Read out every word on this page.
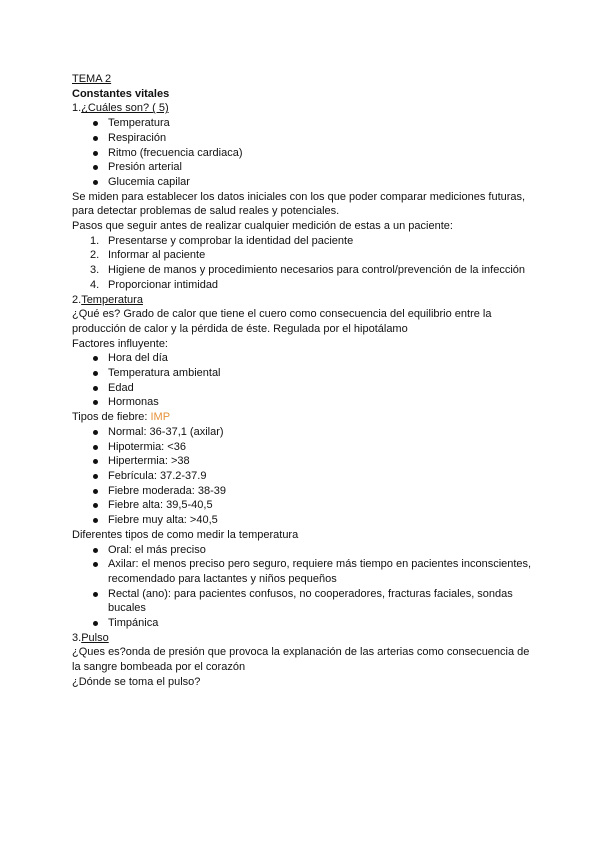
TEMA 2

Constantes vitales

1.¿Cuáles son? ( 5)

Temperatura
Respiración
Ritmo (frecuencia cardiaca)
Presión arterial
Glucemia capilar

Se miden para establecer los datos iniciales con los que poder comparar mediciones futuras, para detectar problemas de salud reales y potenciales.

Pasos que seguir antes de realizar cualquier medición de estas a un paciente:

1. Presentarse y comprobar la identidad del paciente
2. Informar al paciente
3. Higiene de manos y procedimiento necesarios para control/prevención de la infección
4. Proporcionar intimidad

2.Temperatura

¿Qué es? Grado de calor que tiene el cuero como consecuencia del equilibrio entre la producción de calor y la pérdida de éste. Regulada por el hipotálamo

Factores influyente:

Hora del día
Temperatura ambiental
Edad
Hormonas

Tipos de fiebre: IMP

Normal: 36-37,1 (axilar)
Hipotermia: <36
Hipertermia: >38
Febrícula: 37.2-37.9
Fiebre moderada: 38-39
Fiebre alta: 39,5-40,5
Fiebre muy alta: >40,5

Diferentes tipos de como medir la temperatura

Oral: el más preciso
Axilar: el menos preciso pero seguro, requiere más tiempo en pacientes inconscientes, recomendado para lactantes y niños pequeños
Rectal (ano): para pacientes confusos, no cooperadores, fracturas faciales, sondas bucales
Timpánica

3.Pulso

¿Ques es?onda de presión que provoca la explanación de las arterias como consecuencia de la sangre bombeada por el corazón

¿Dónde se toma el pulso?
